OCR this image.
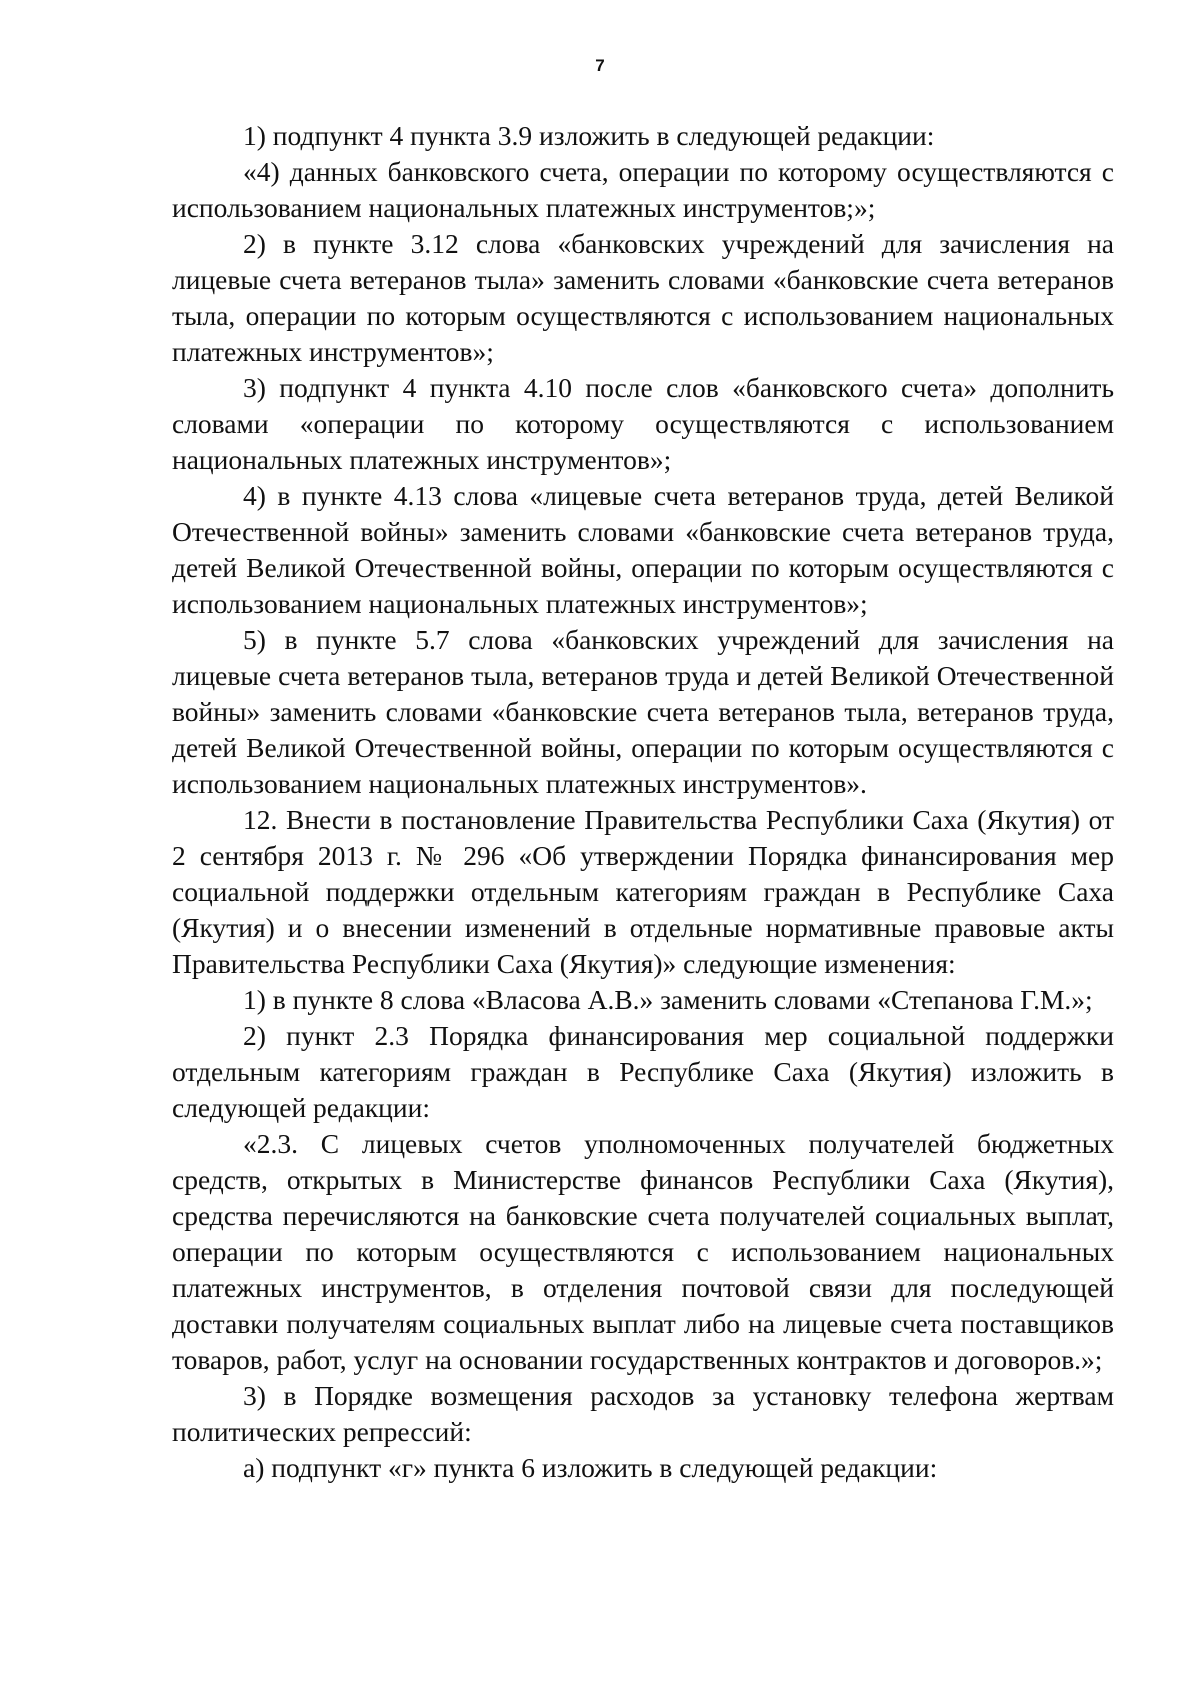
7

1) подпункт 4 пункта 3.9 изложить в следующей редакции:

«4) данных банковского счета, операции по которому осуществляются с использованием национальных платежных инструментов;»;

2) в пункте 3.12 слова «банковских учреждений для зачисления на лицевые счета ветеранов тыла» заменить словами «банковские счета ветеранов тыла, операции по которым осуществляются с использованием национальных платежных инструментов»;

3) подпункт 4 пункта 4.10 после слов «банковского счета» дополнить словами «операции по которому осуществляются с использованием национальных платежных инструментов»;

4) в пункте 4.13 слова «лицевые счета ветеранов труда, детей Великой Отечественной войны» заменить словами «банковские счета ветеранов труда, детей Великой Отечественной войны, операции по которым осуществляются с использованием национальных платежных инструментов»;

5) в пункте 5.7 слова «банковских учреждений для зачисления на лицевые счета ветеранов тыла, ветеранов труда и детей Великой Отечественной войны» заменить словами «банковские счета ветеранов тыла, ветеранов труда, детей Великой Отечественной войны, операции по которым осуществляются с использованием национальных платежных инструментов».

12. Внести в постановление Правительства Республики Саха (Якутия) от 2 сентября 2013 г. № 296 «Об утверждении Порядка финансирования мер социальной поддержки отдельным категориям граждан в Республике Саха (Якутия) и о внесении изменений в отдельные нормативные правовые акты Правительства Республики Саха (Якутия)» следующие изменения:

1) в пункте 8 слова «Власова А.В.» заменить словами «Степанова Г.М.»;

2) пункт 2.3 Порядка финансирования мер социальной поддержки отдельным категориям граждан в Республике Саха (Якутия) изложить в следующей редакции:

«2.3. С лицевых счетов уполномоченных получателей бюджетных средств, открытых в Министерстве финансов Республики Саха (Якутия), средства перечисляются на банковские счета получателей социальных выплат, операции по которым осуществляются с использованием национальных платежных инструментов, в отделения почтовой связи для последующей доставки получателям социальных выплат либо на лицевые счета поставщиков товаров, работ, услуг на основании государственных контрактов и договоров.»;

3) в Порядке возмещения расходов за установку телефона жертвам политических репрессий:

а) подпункт «г» пункта 6 изложить в следующей редакции:
